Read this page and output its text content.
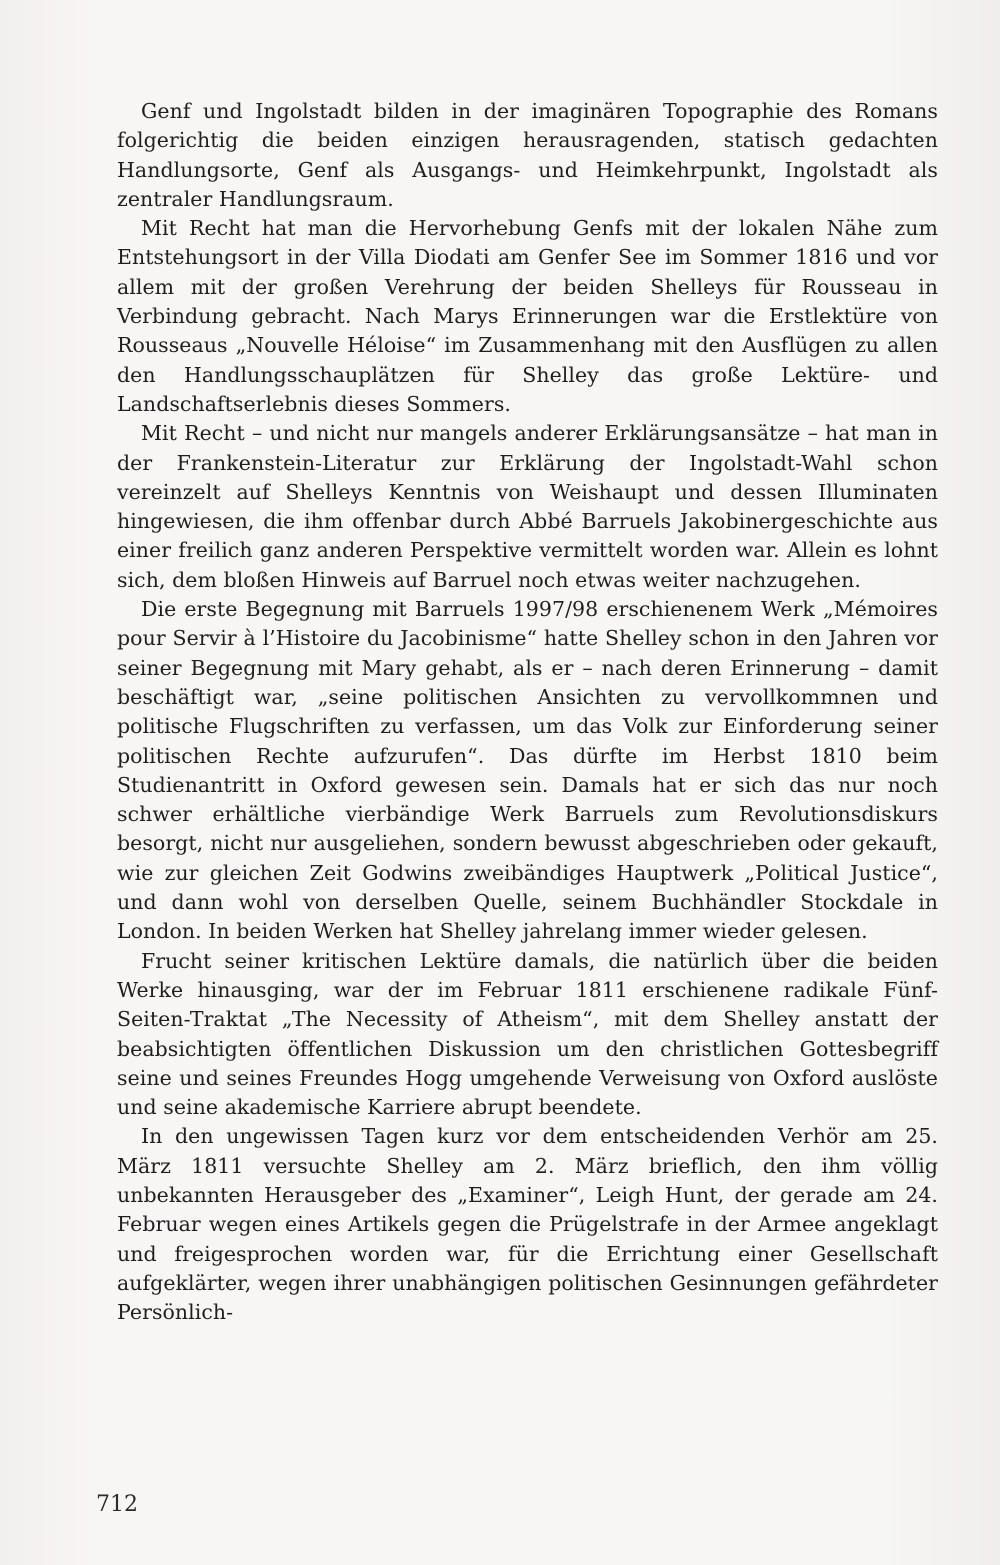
Genf und Ingolstadt bilden in der imaginären Topographie des Romans folgerichtig die beiden einzigen herausragenden, statisch gedachten Handlungsorte, Genf als Ausgangs- und Heimkehrpunkt, Ingolstadt als zentraler Handlungsraum.

Mit Recht hat man die Hervorhebung Genfs mit der lokalen Nähe zum Entstehungsort in der Villa Diodati am Genfer See im Sommer 1816 und vor allem mit der großen Verehrung der beiden Shelleys für Rousseau in Verbindung gebracht. Nach Marys Erinnerungen war die Erstlektüre von Rousseaus „Nouvelle Héloise“ im Zusammenhang mit den Ausflügen zu allen den Handlungsschauplätzen für Shelley das große Lektüre- und Landschaftserlebnis dieses Sommers.

Mit Recht – und nicht nur mangels anderer Erklärungsansätze – hat man in der Frankenstein-Literatur zur Erklärung der Ingolstadt-Wahl schon vereinzelt auf Shelleys Kenntnis von Weishaupt und dessen Illuminaten hingewiesen, die ihm offenbar durch Abbé Barruels Jakobinergeschichte aus einer freilich ganz anderen Perspektive vermittelt worden war. Allein es lohnt sich, dem bloßen Hinweis auf Barruel noch etwas weiter nachzugehen.

Die erste Begegnung mit Barruels 1997/98 erschienenem Werk „Mémoires pour Servir à l’Histoire du Jacobinisme“ hatte Shelley schon in den Jahren vor seiner Begegnung mit Mary gehabt, als er – nach deren Erinnerung – damit beschäftigt war, „seine politischen Ansichten zu vervollkommnen und politische Flugschriften zu verfassen, um das Volk zur Einforderung seiner politischen Rechte aufzurufen“. Das dürfte im Herbst 1810 beim Studienantritt in Oxford gewesen sein. Damals hat er sich das nur noch schwer erhältliche vierbändige Werk Barruels zum Revolutionsdiskurs besorgt, nicht nur ausgeliehen, sondern bewusst abgeschrieben oder gekauft, wie zur gleichen Zeit Godwins zweibändiges Hauptwerk „Political Justice“, und dann wohl von derselben Quelle, seinem Buchhändler Stockdale in London. In beiden Werken hat Shelley jahrelang immer wieder gelesen.

Frucht seiner kritischen Lektüre damals, die natürlich über die beiden Werke hinausging, war der im Februar 1811 erschienene radikale Fünf-Seiten-Traktat „The Necessity of Atheism“, mit dem Shelley anstatt der beabsichtigten öffentlichen Diskussion um den christlichen Gottesbegriff seine und seines Freundes Hogg umgehende Verweisung von Oxford auslöste und seine akademische Karriere abrupt beendete.

In den ungewissen Tagen kurz vor dem entscheidenden Verhör am 25. März 1811 versuchte Shelley am 2. März brieflich, den ihm völlig unbekannten Herausgeber des „Examiner“, Leigh Hunt, der gerade am 24. Februar wegen eines Artikels gegen die Prügelstrafe in der Armee angeklagt und freigesprochen worden war, für die Errichtung einer Gesellschaft aufgeklärter, wegen ihrer unabhängigen politischen Gesinnungen gefährdeter Persönlich-

712
